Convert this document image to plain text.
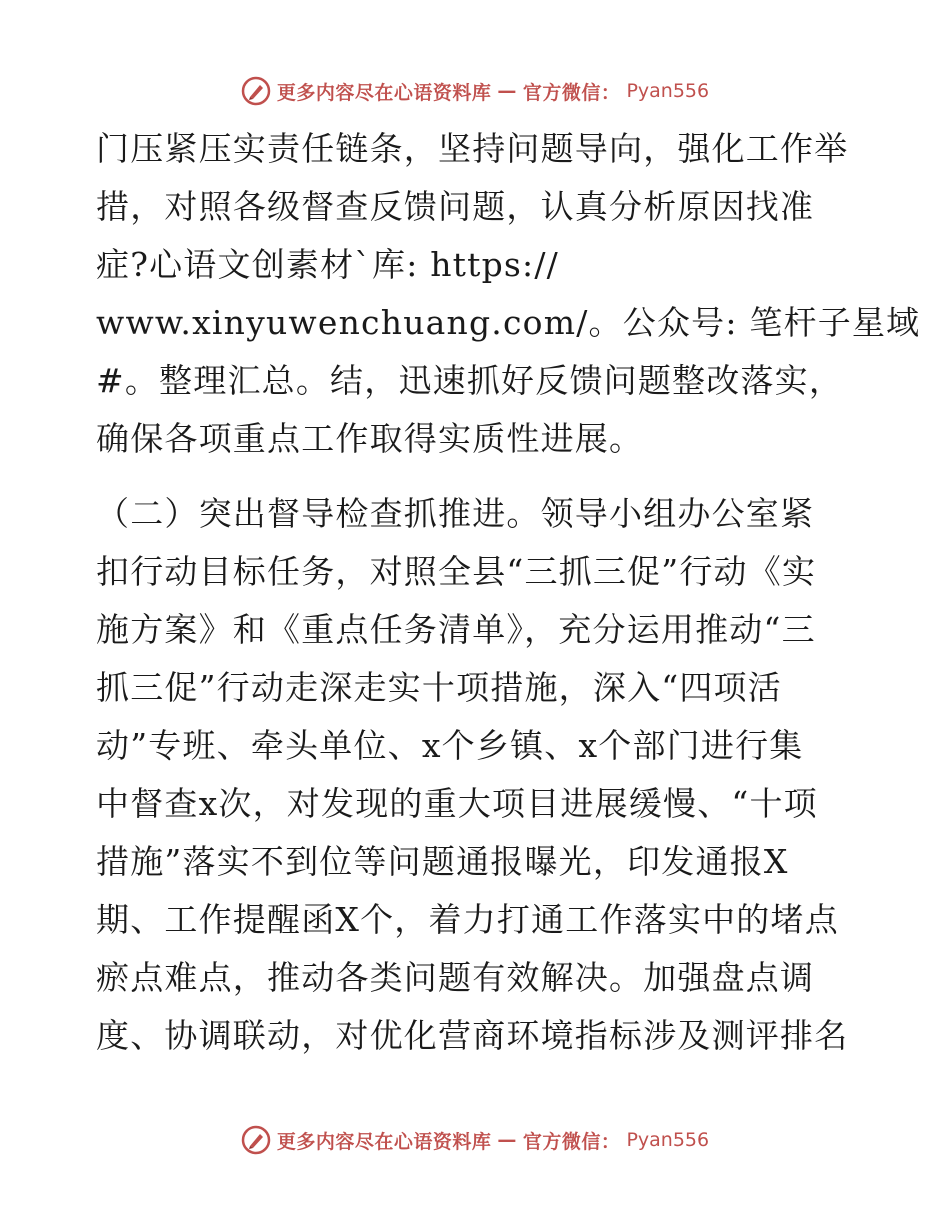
更多内容尽在心语资料库 — 官方微信： Pyan556
门压紧压实责任链条，坚持问题导向，强化工作举
措，对照各级督查反馈问题，认真分析原因找准
症?心语文创素材`库: https://
www.xinyuwenchuang.com/。公众号: 笔杆子星域
#。整理汇总。结，迅速抓好反馈问题整改落实，
确保各项重点工作取得实质性进展。
（二）突出督导检查抓推进。领导小组办公室紧
扣行动目标任务，对照全县“三抓三促”行动《实
施方案》和《重点任务清单》，充分运用推动“三
抓三促”行动走深走实十项措施，深入“四项活
动”专班、牵头单位、x个乡镇、x个部门进行集
中督查x次，对发现的重大项目进展缓慢、“十项
措施”落实不到位等问题通报曝光，印发通报X
期、工作提醒函X个，着力打通工作落实中的堵点
瘀点难点，推动各类问题有效解决。加强盘点调
度、协调联动，对优化营商环境指标涉及测评排名
更多内容尽在心语资料库 — 官方微信： Pyan556
